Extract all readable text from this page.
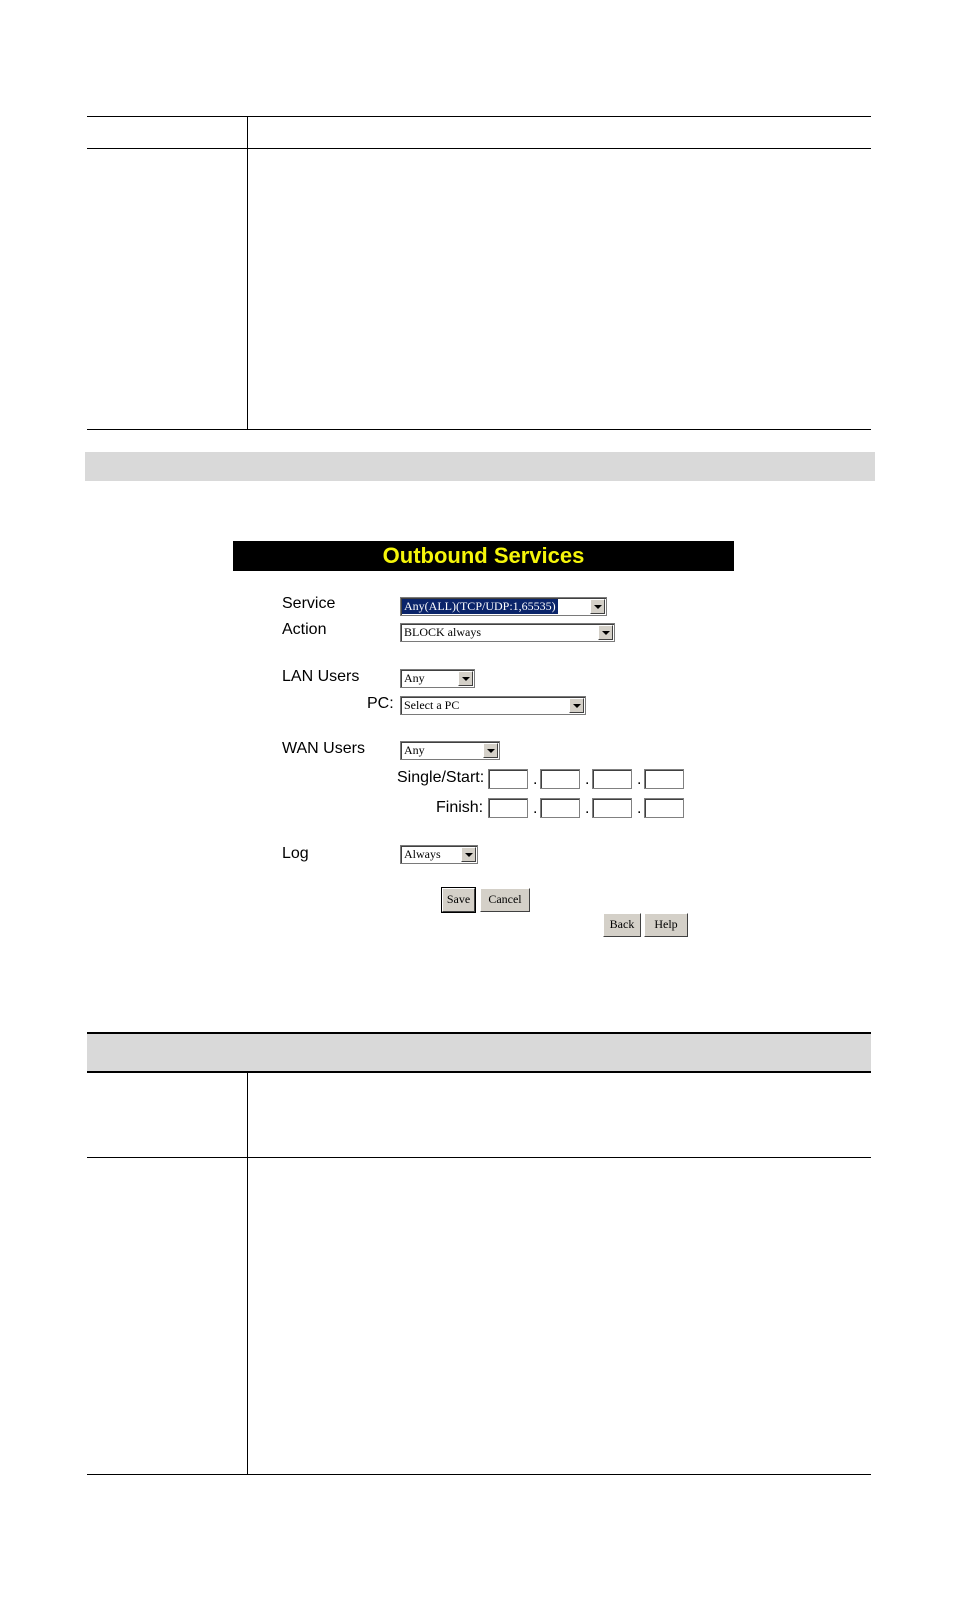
Outbound Services
Service	Any(ALL)(TCP/UDP:1,65535)
Action	BLOCK always
LAN Users	Any
PC: Select a PC
WAN Users	Any
Single/Start:	.	.	.
Finish:	.	.	.
Log	Always
Save	Cancel
Back	Help
